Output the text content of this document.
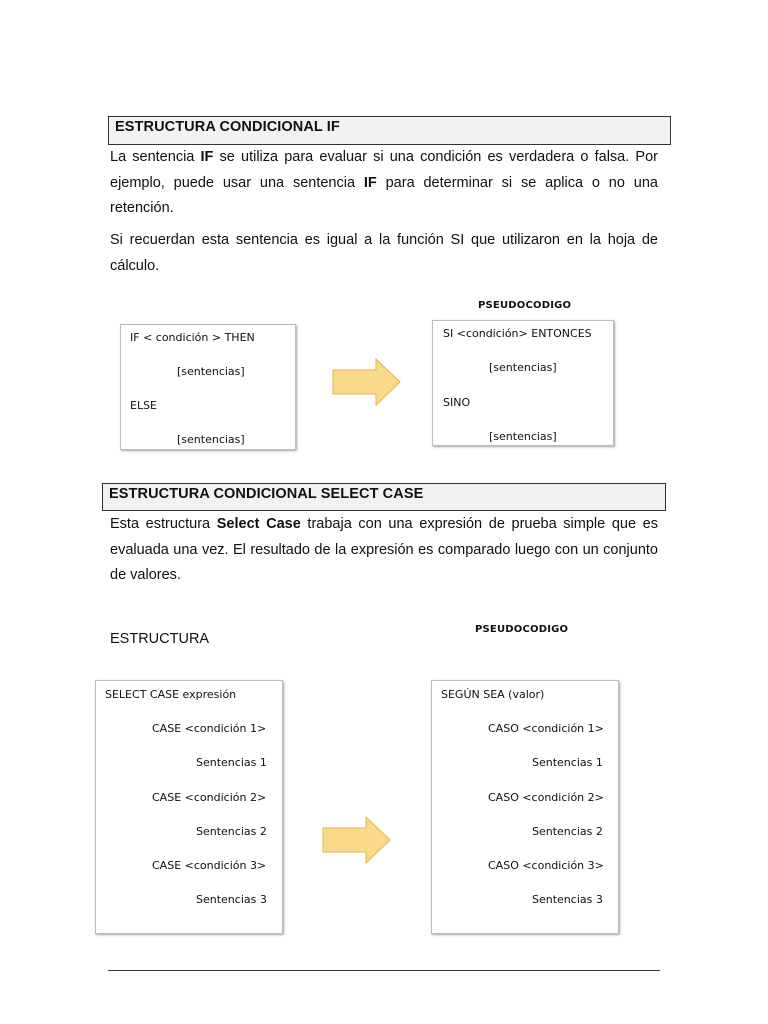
ESTRUCTURA CONDICIONAL IF

La sentencia IF se utiliza para evaluar si una condición es verdadera o falsa. Por ejemplo, puede usar una sentencia IF para determinar si se aplica o no una retención.

Si recuerdan esta sentencia es igual a la función SI que utilizaron en la hoja de cálculo.

PSEUDOCODIGO
IF < condición > THEN
[sentencias]
ELSE
[sentencias]
SI <condición> ENTONCES
[sentencias]
SINO
[sentencias]
ESTRUCTURA CONDICIONAL SELECT CASE

Esta estructura Select Case trabaja con una expresión de prueba simple que es evaluada una vez. El resultado de la expresión es comparado luego con un conjunto de valores.

ESTRUCTURA
PSEUDOCODIGO
SELECT CASE expresión
CASE <condición 1>
Sentencias 1
CASE <condición 2>
Sentencias 2
CASE <condición 3>
Sentencias 3
SEGÚN SEA (valor)
CASO <condición 1>
Sentencias 1
CASO <condición 2>
Sentencias 2
CASO <condición 3>
Sentencias 3
